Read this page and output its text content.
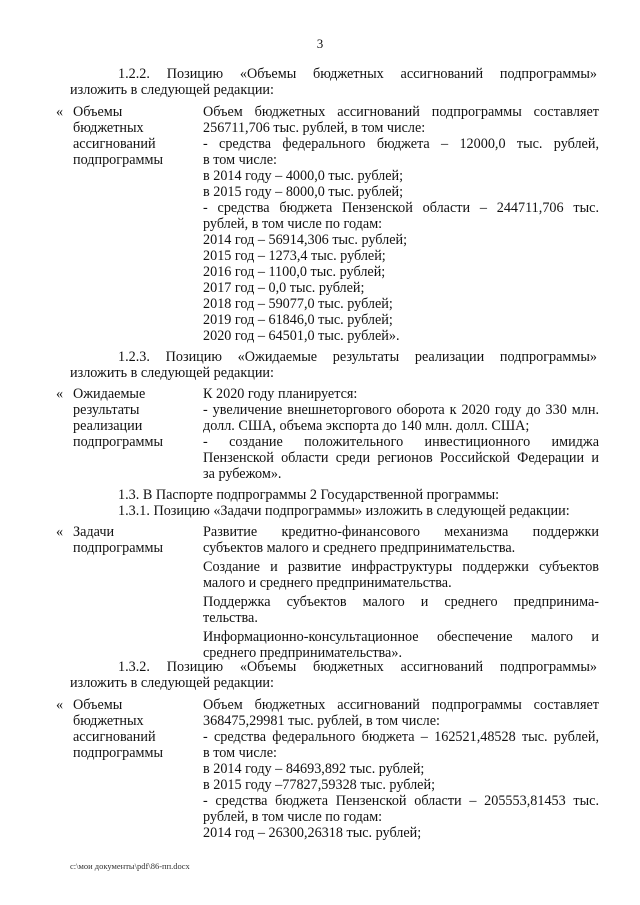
3
1.2.2. Позицию «Объемы бюджетных ассигнований подпрограммы»
изложить в следующей редакции:
« Объемы
бюджетных
ассигнований
подпрограммы
Объем бюджетных ассигнований подпрограммы составляет
256711,706 тыс. рублей, в том числе:
- средства федерального бюджета – 12000,0 тыс. рублей,
в том числе:
в 2014 году – 4000,0 тыс. рублей;
в 2015 году – 8000,0 тыс. рублей;
- средства бюджета Пензенской области – 244711,706 тыс.
рублей, в том числе по годам:
2014 год – 56914,306 тыс. рублей;
2015 год – 1273,4 тыс. рублей;
2016 год – 1100,0 тыс. рублей;
2017 год – 0,0 тыс. рублей;
2018 год – 59077,0 тыс. рублей;
2019 год – 61846,0 тыс. рублей;
2020 год – 64501,0 тыс. рублей».
1.2.3. Позицию «Ожидаемые результаты реализации подпрограммы»
изложить в следующей редакции:
« Ожидаемые
результаты
реализации
подпрограммы
К 2020 году планируется:
- увеличение внешнеторгового оборота к 2020 году до 330 млн.
долл. США, объема экспорта до 140 млн. долл. США;
- создание положительного инвестиционного имиджа
Пензенской области среди регионов Российской Федерации и
за рубежом».
1.3. В Паспорте подпрограммы 2 Государственной программы:
1.3.1. Позицию «Задачи подпрограммы» изложить в следующей редакции:
« Задачи
подпрограммы
Развитие кредитно-финансового механизма поддержки
субъектов малого и среднего предпринимательства.
Создание и развитие инфраструктуры поддержки субъектов
малого и среднего предпринимательства.
Поддержка субъектов малого и среднего предпринима-
тельства.
Информационно-консультационное обеспечение малого и
среднего предпринимательства».
1.3.2. Позицию «Объемы бюджетных ассигнований подпрограммы»
изложить в следующей редакции:
« Объемы
бюджетных
ассигнований
подпрограммы
Объем бюджетных ассигнований подпрограммы составляет
368475,29981 тыс. рублей, в том числе:
- средства федерального бюджета – 162521,48528 тыс. рублей,
в том числе:
в 2014 году – 84693,892 тыс. рублей;
в 2015 году –77827,59328 тыс. рублей;
- средства бюджета Пензенской области – 205553,81453 тыс.
рублей, в том числе по годам:
2014 год – 26300,26318 тыс. рублей;
c:\мои документы\pdf\86-пп.docx
